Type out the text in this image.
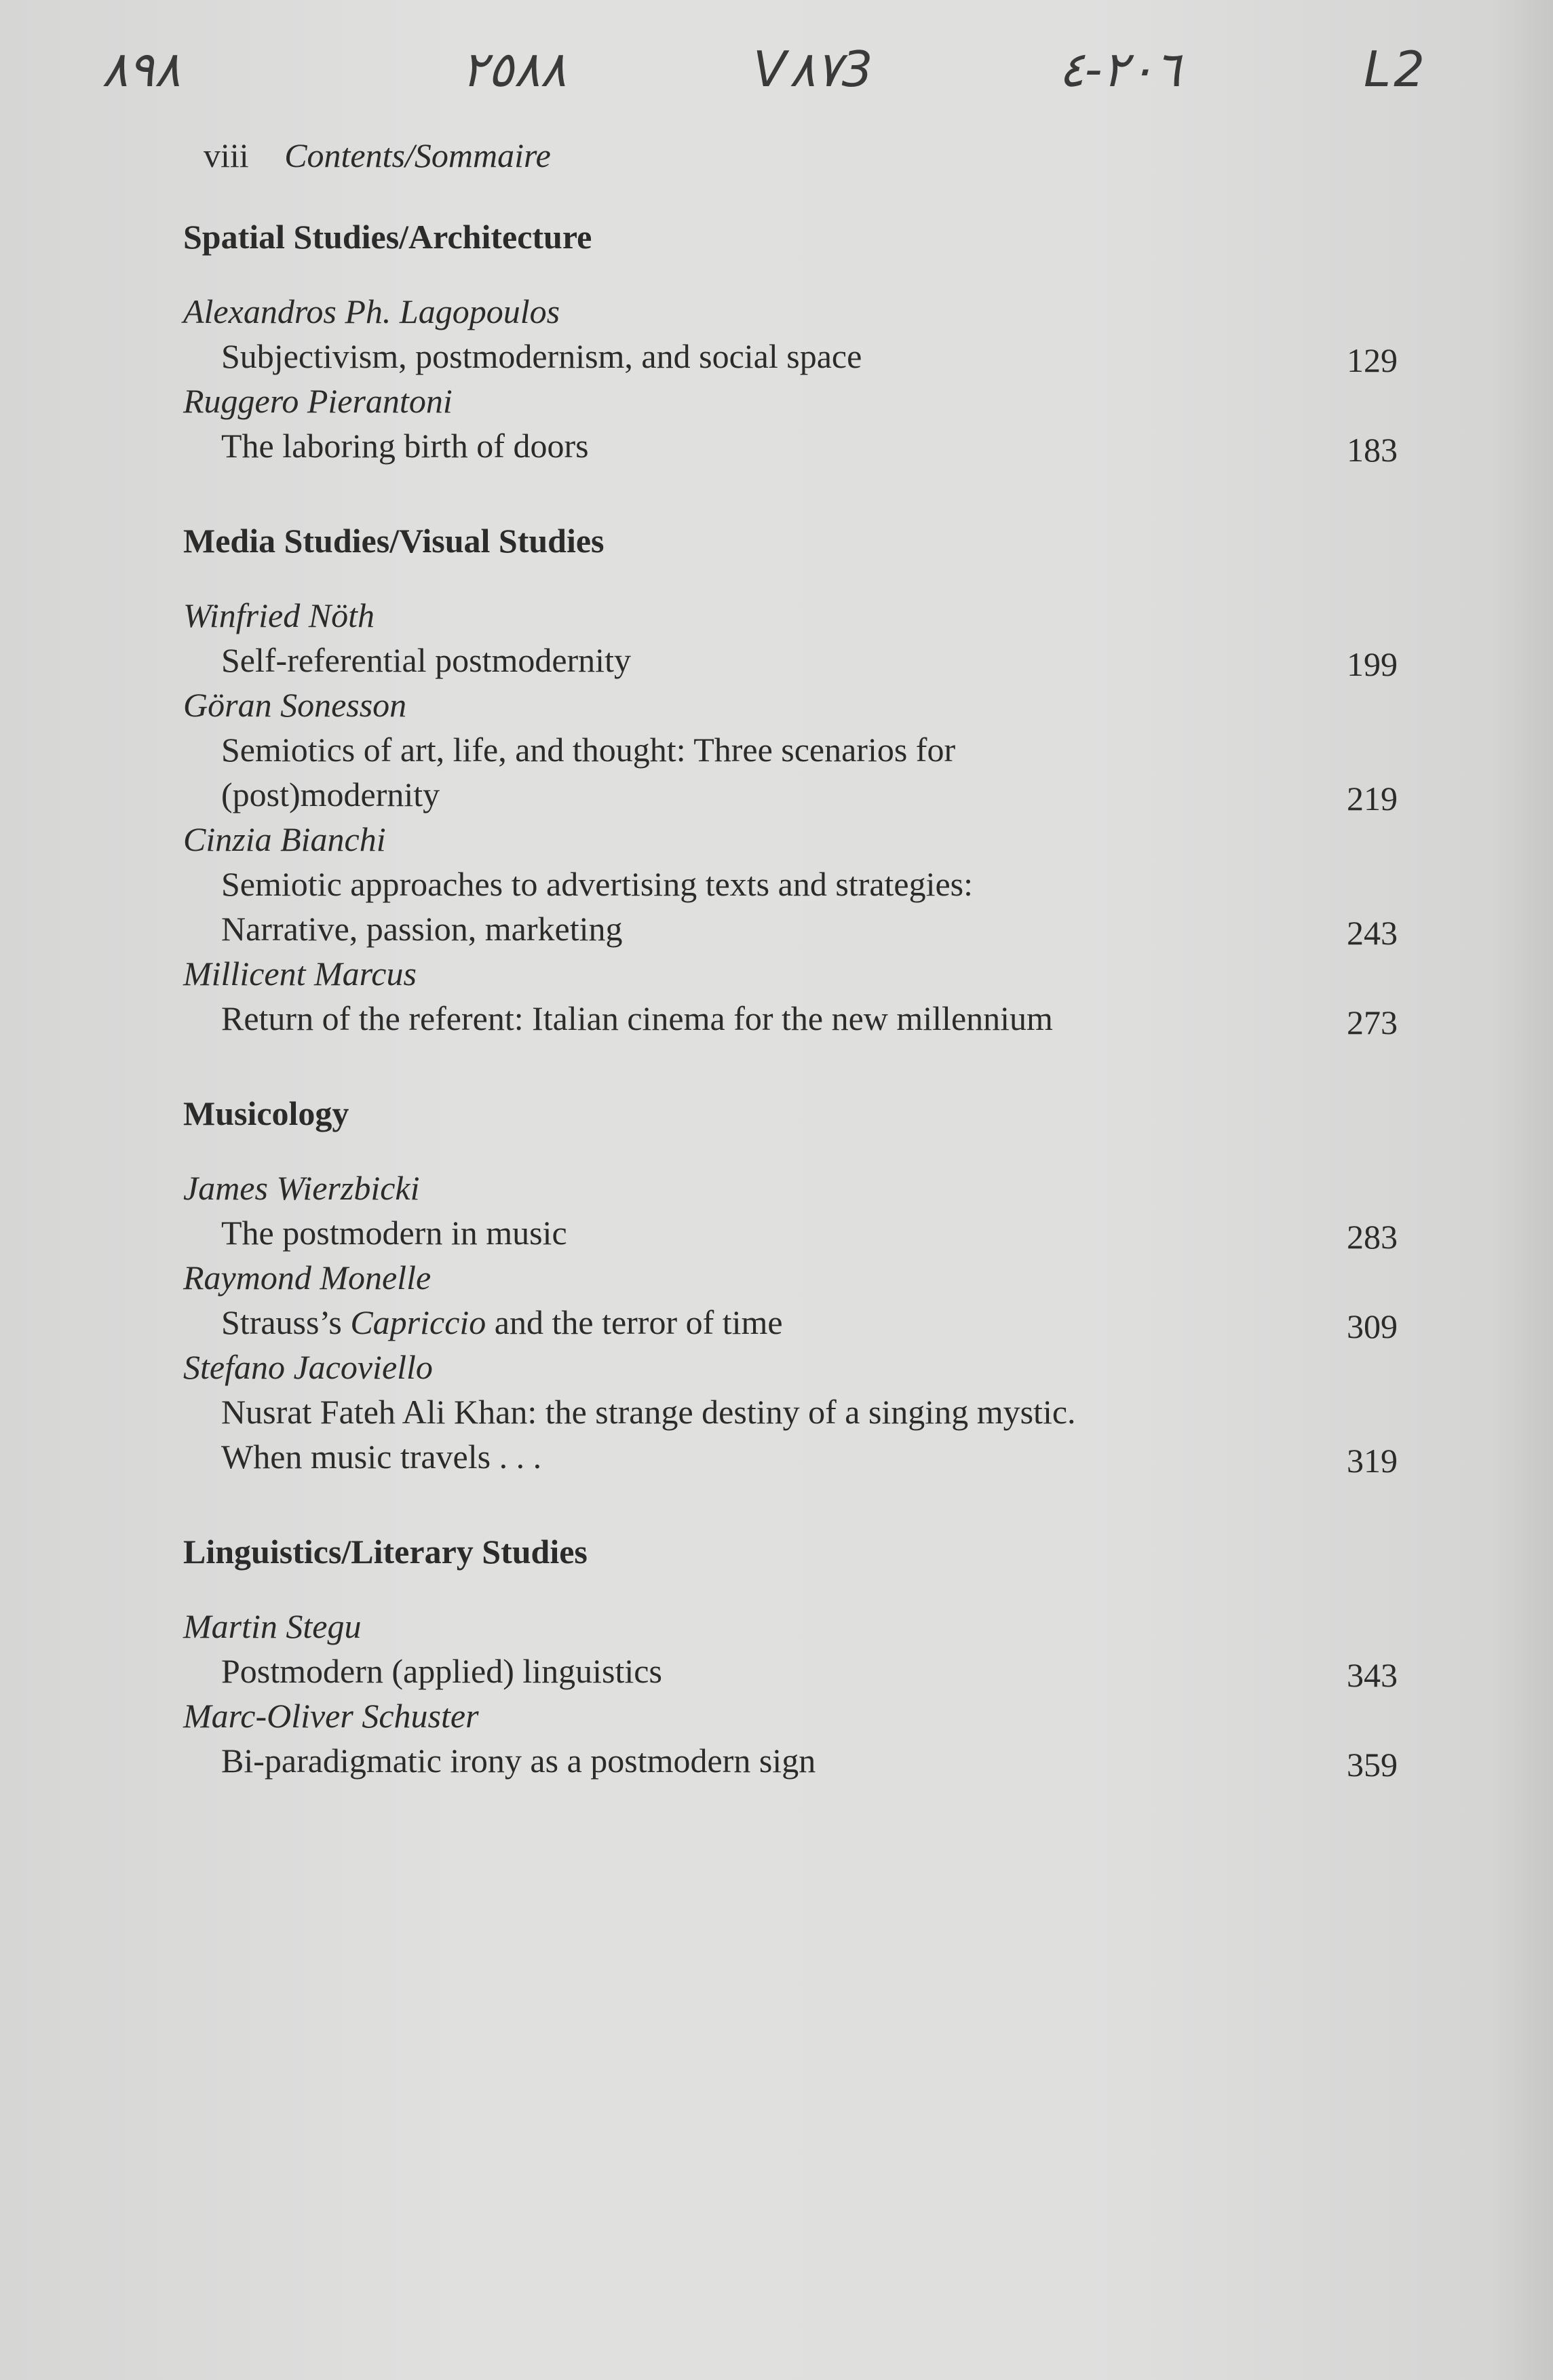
٨٩٨	٢٥٨٨	V٨٧3	٢٠٦-٤	L2
viii Contents/Sommaire
Spatial Studies/Architecture
Alexandros Ph. Lagopoulos
Subjectivism, postmodernism, and social space	129
Ruggero Pierantoni
The laboring birth of doors	183
Media Studies/Visual Studies
Winfried Nöth
Self-referential postmodernity	199
Göran Sonesson
Semiotics of art, life, and thought: Three scenarios for
(post)modernity	219
Cinzia Bianchi
Semiotic approaches to advertising texts and strategies:
Narrative, passion, marketing	243
Millicent Marcus
Return of the referent: Italian cinema for the new millennium	273
Musicology
James Wierzbicki
The postmodern in music	283
Raymond Monelle
Strauss’s Capriccio and the terror of time	309
Stefano Jacoviello
Nusrat Fateh Ali Khan: the strange destiny of a singing mystic.
When music travels . . .	319
Linguistics/Literary Studies
Martin Stegu
Postmodern (applied) linguistics	343
Marc-Oliver Schuster
Bi-paradigmatic irony as a postmodern sign	359
